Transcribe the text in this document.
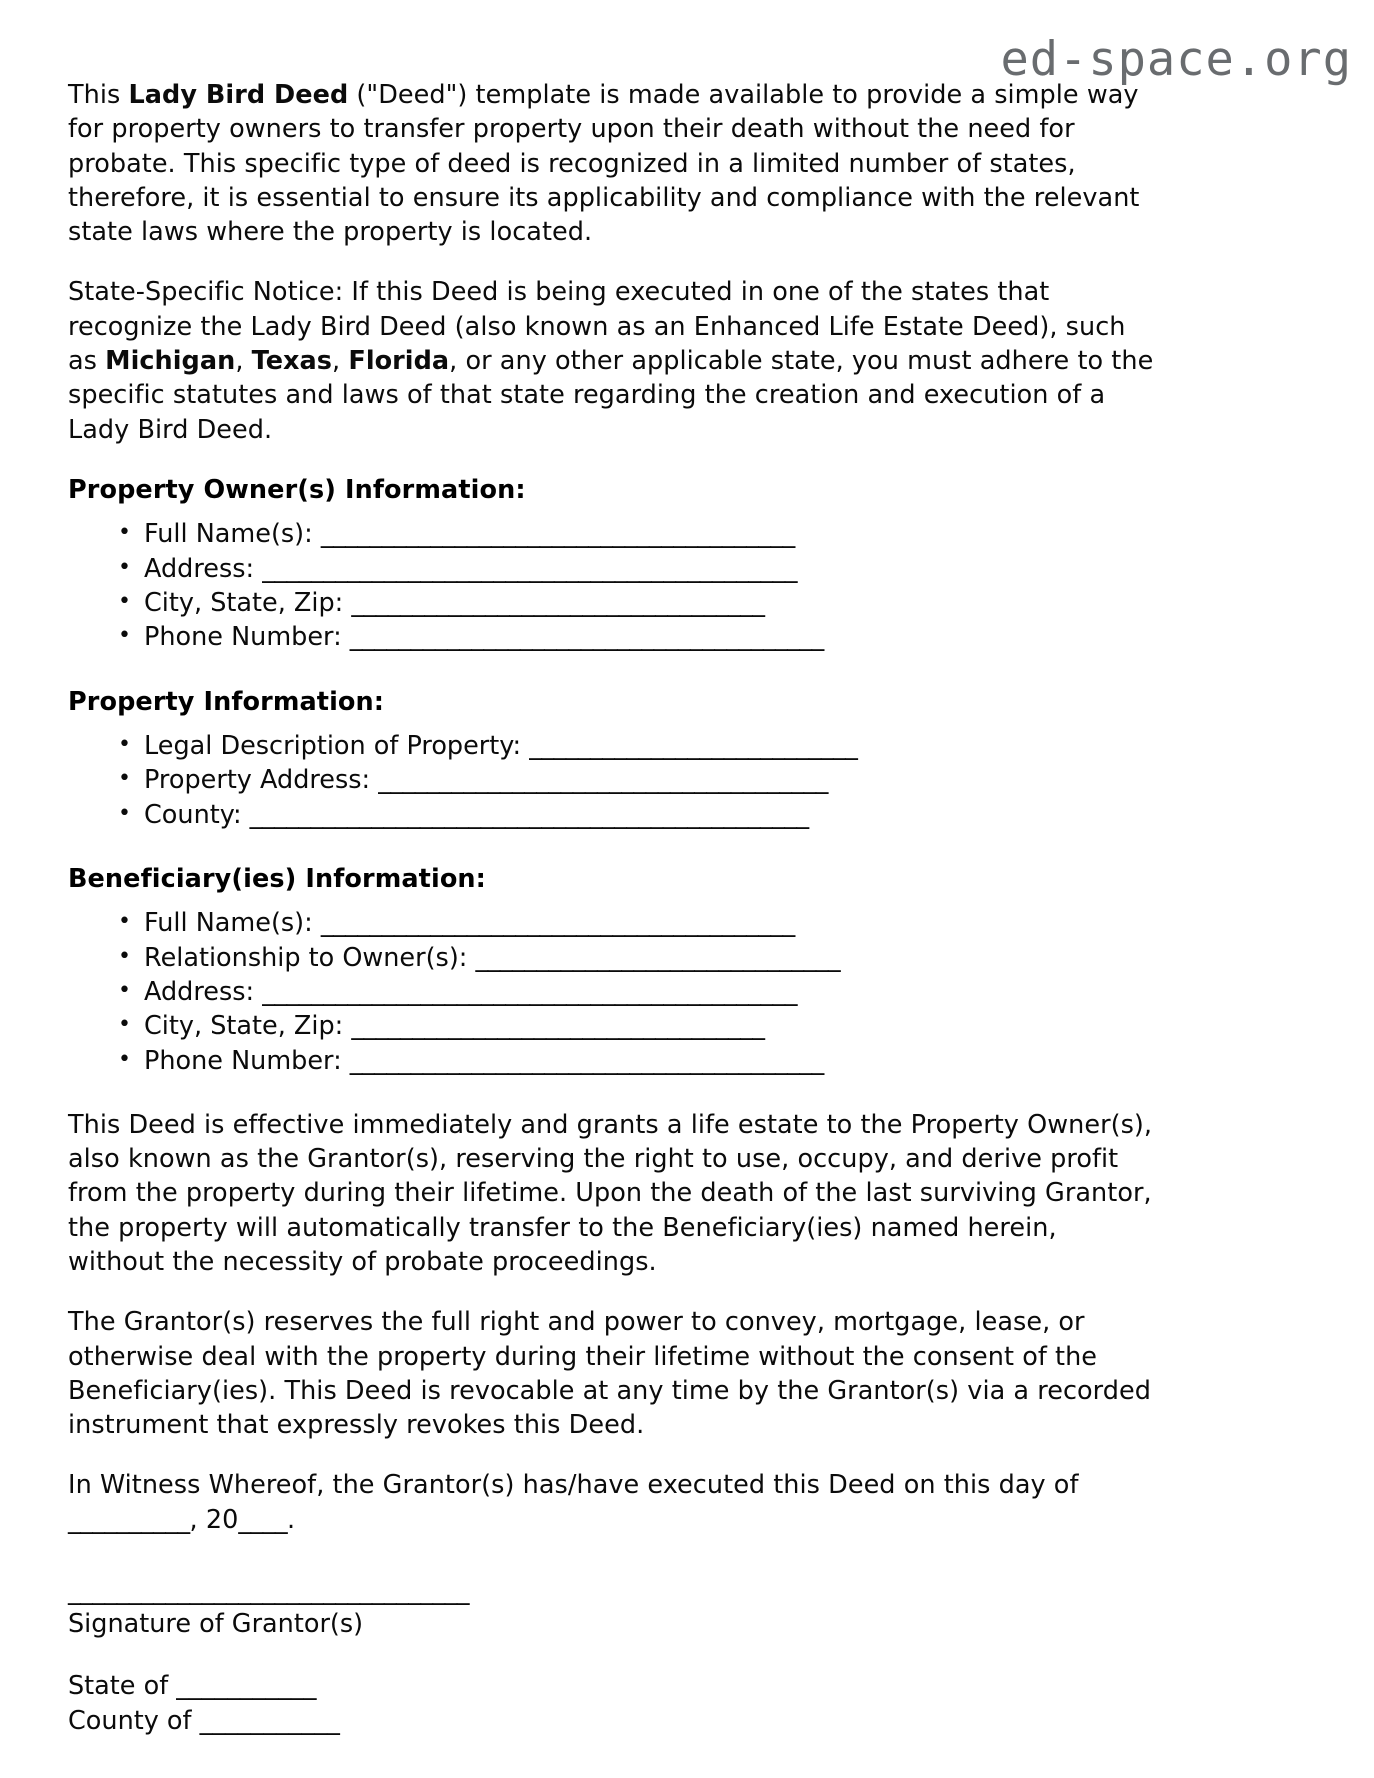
ed-space.org

This Lady Bird Deed ("Deed") template is made available to provide a simple way for property owners to transfer property upon their death without the need for probate. This specific type of deed is recognized in a limited number of states, therefore, it is essential to ensure its applicability and compliance with the relevant state laws where the property is located.

State-Specific Notice: If this Deed is being executed in one of the states that recognize the Lady Bird Deed (also known as an Enhanced Life Estate Deed), such as Michigan, Texas, Florida, or any other applicable state, you must adhere to the specific statutes and laws of that state regarding the creation and execution of a Lady Bird Deed.

Property Owner(s) Information:
• Full Name(s): _______________________________________
• Address: ____________________________________________
• City, State, Zip: __________________________________
• Phone Number: _______________________________________
Property Information:
• Legal Description of Property: ___________________________
• Property Address: _____________________________________
• County: ______________________________________________
Beneficiary(ies) Information:
• Full Name(s): _______________________________________
• Relationship to Owner(s): ______________________________
• Address: ____________________________________________
• City, State, Zip: __________________________________
• Phone Number: _______________________________________

This Deed is effective immediately and grants a life estate to the Property Owner(s), also known as the Grantor(s), reserving the right to use, occupy, and derive profit from the property during their lifetime. Upon the death of the last surviving Grantor, the property will automatically transfer to the Beneficiary(ies) named herein, without the necessity of probate proceedings.

The Grantor(s) reserves the full right and power to convey, mortgage, lease, or otherwise deal with the property during their lifetime without the consent of the Beneficiary(ies). This Deed is revocable at any time by the Grantor(s) via a recorded instrument that expressly revokes this Deed.

In Witness Whereof, the Grantor(s) has/have executed this Deed on this day of __________, 20____.

_________________________________
Signature of Grantor(s)
State of ___________
County of ___________
